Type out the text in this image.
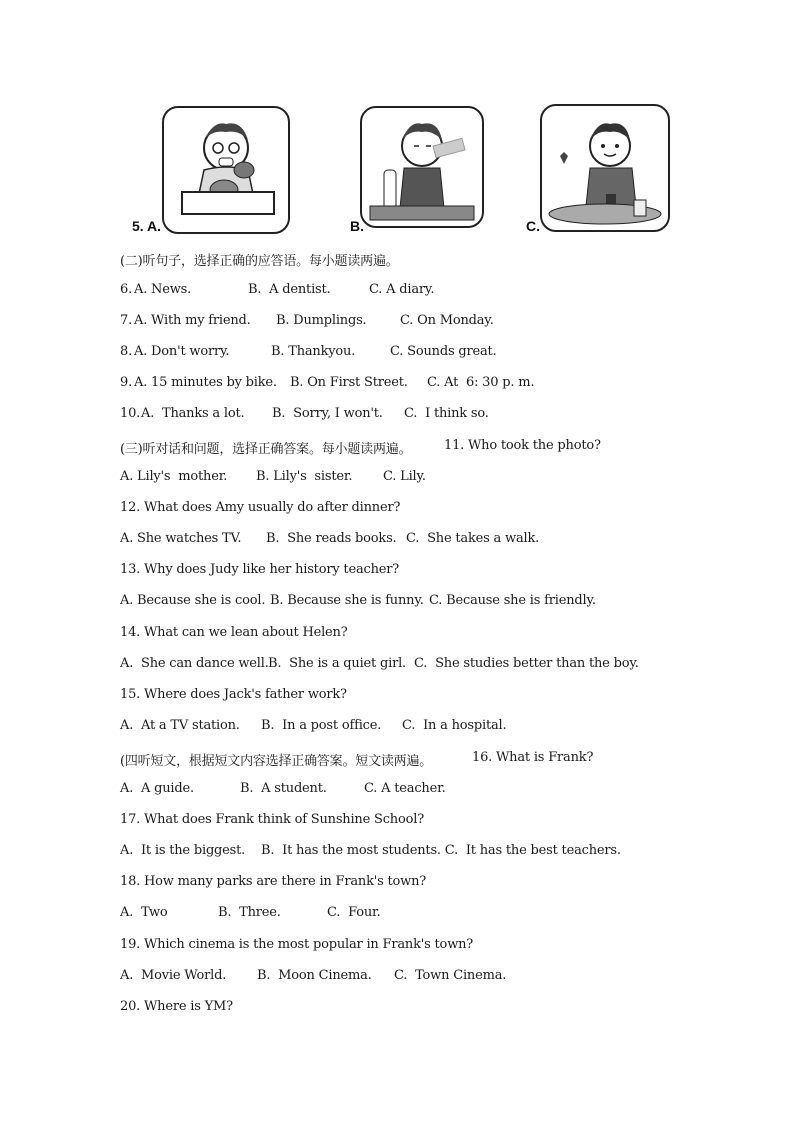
5. A.	B.	C.
(二)听句子，选择正确的应答语。每小题读两遍。
6. A. News.	B.  A dentist.	C. A diary.
7. A. With my friend. B. Dumplings.	C. On Monday.
8. A. Don't worry.	B. Thankyou.	C. Sounds great.
9. A. 15 minutes by bike. B. On First Street. C. At  6: 30 p. m.
10. A.  Thanks a lot. B.  Sorry, I won't. C.  I think so.
(三)听对话和问题，选择正确答案。每小题读两遍。	11. Who took the photo?
A. Lily's  mother. B. Lily's  sister. C. Lily.
12. What does Amy usually do after dinner?
A. She watches TV. B.  She reads books. C.  She takes a walk.
13. Why does Judy like her history teacher?
A. Because she is cool. B. Because she is funny. C. Because she is friendly.
14. What can we lean about Helen?
A.  She can dance well. B.  She is a quiet girl. C.  She studies better than the boy.
15. Where does Jack's father work?
A.  At a TV station. B.  In a post office. C.  In a hospital.
(四听短文，根据短文内容选择正确答案。短文读两遍。	16. What is Frank?
A.  A guide.	B.  A student.	C. A teacher.
17. What does Frank think of Sunshine School?
A.  It is the biggest. B.  It has the most students. C.  It has the best teachers.
18. How many parks are there in Frank's town?
A.  Two	B.  Three.	C.  Four.
19. Which cinema is the most popular in Frank's town?
A.  Movie World. B.  Moon Cinema. C.  Town Cinema.
20. Where is YM?
